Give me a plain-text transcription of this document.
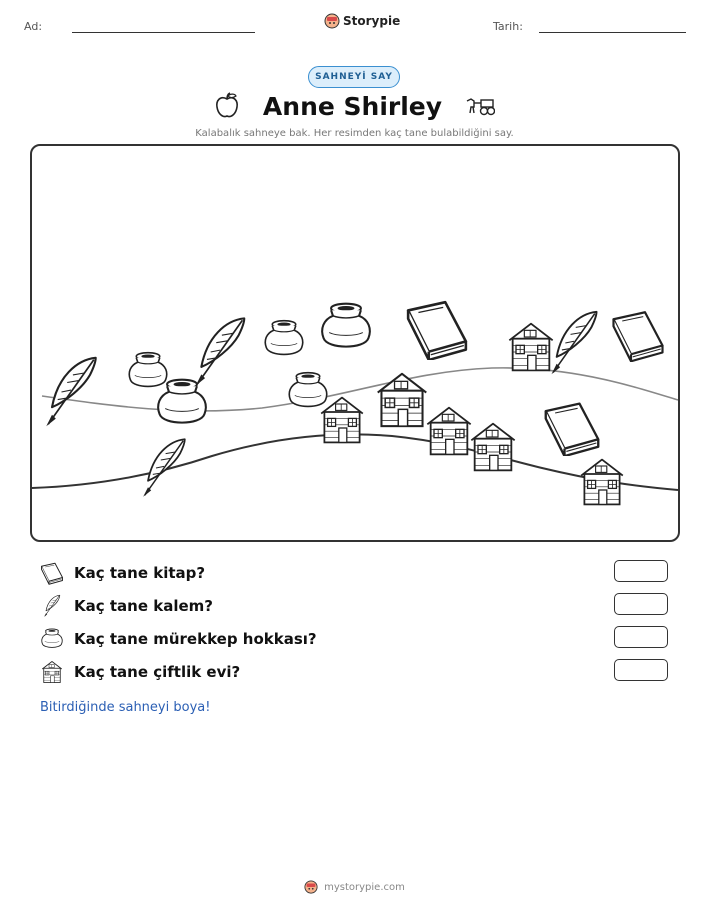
Ad:	Storypie	Tarih:
SAHNEYİ SAY
Anne Shirley
Kalabalık sahneye bak. Her resimden kaç tane bulabildiğini say.
Kaç tane kitap?
Kaç tane kalem?
Kaç tane mürekkep hokkası?
Kaç tane çiftlik evi?
Bitirdiğinde sahneyi boya!
mystorypie.com
